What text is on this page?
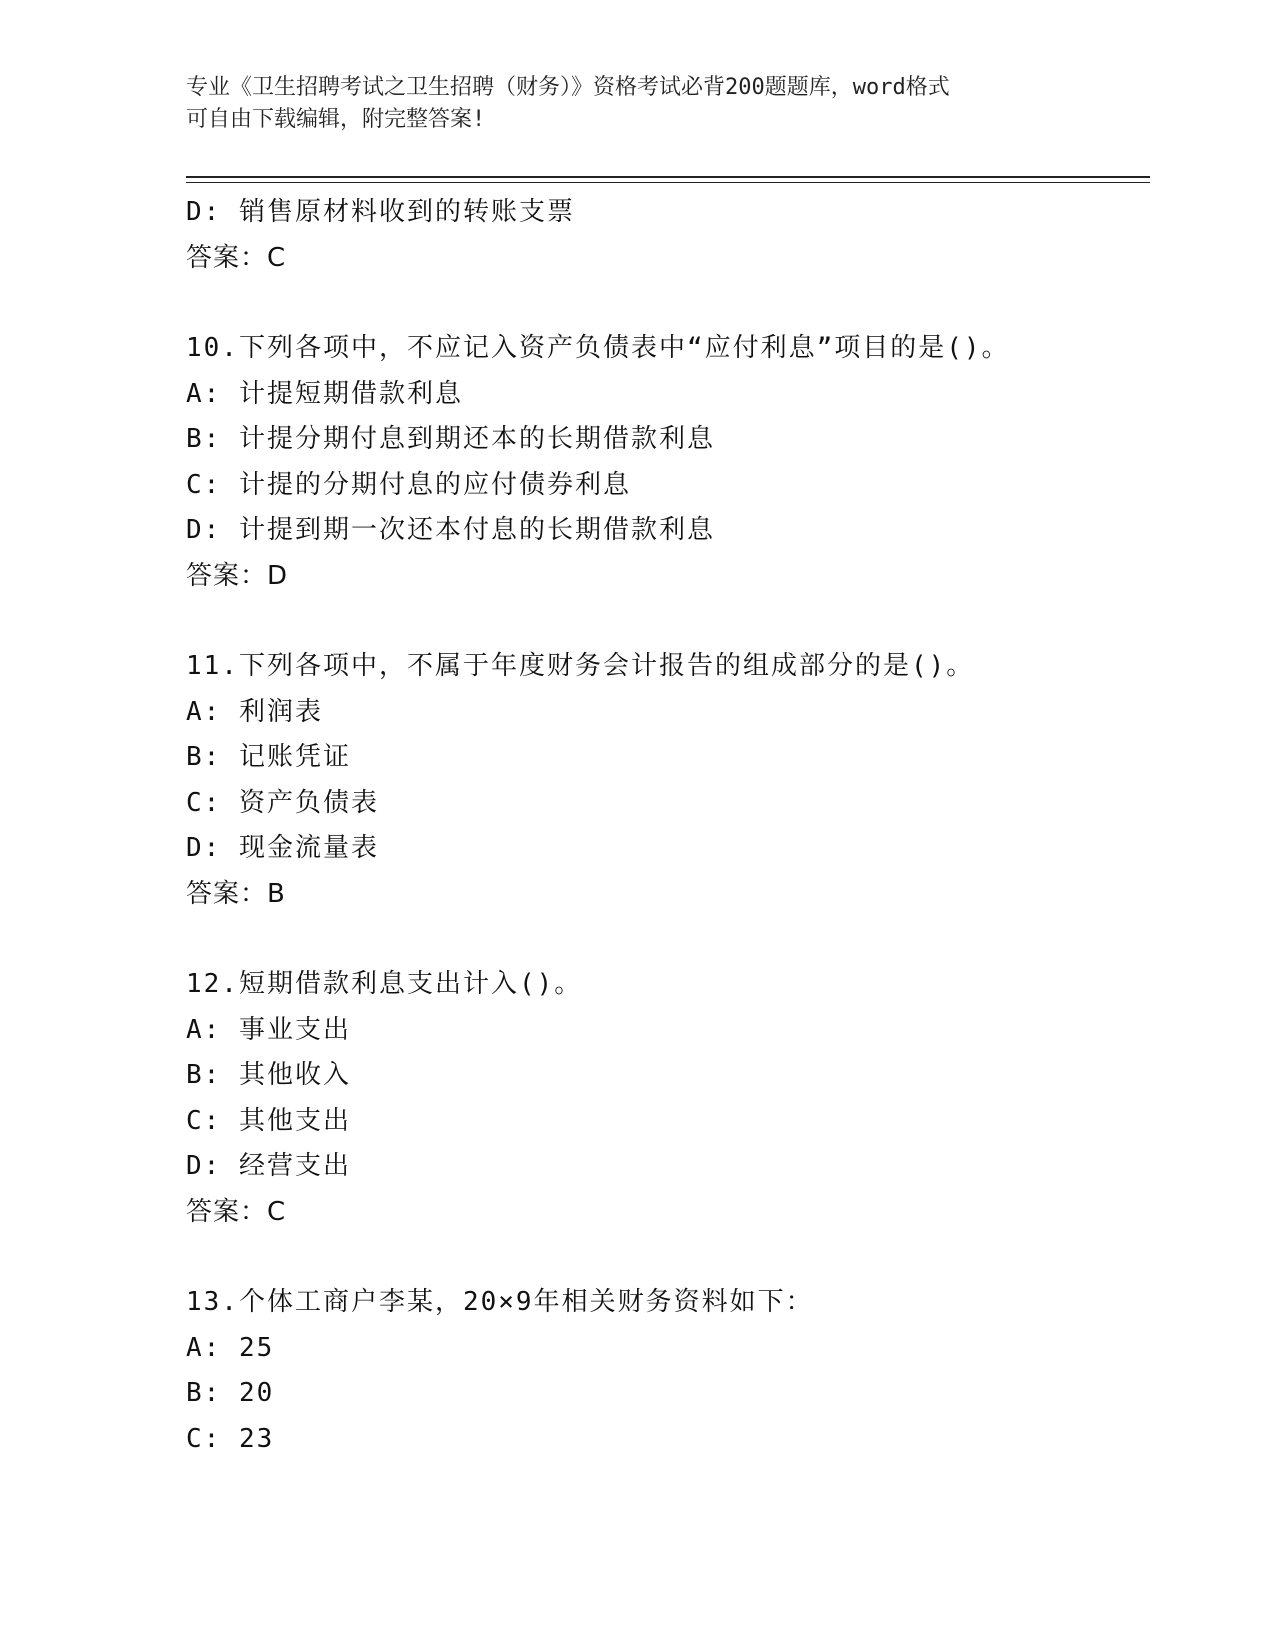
专业《卫生招聘考试之卫生招聘（财务）》资格考试必背200题题库，word格式
可自由下载编辑，附完整答案!
D: 销售原材料收到的转账支票
答案：C
10.下列各项中，不应记入资产负债表中“应付利息”项目的是()。
A: 计提短期借款利息
B: 计提分期付息到期还本的长期借款利息
C: 计提的分期付息的应付债券利息
D: 计提到期一次还本付息的长期借款利息
答案：D
11.下列各项中，不属于年度财务会计报告的组成部分的是()。
A: 利润表
B: 记账凭证
C: 资产负债表
D: 现金流量表
答案：B
12.短期借款利息支出计入()。
A: 事业支出
B: 其他收入
C: 其他支出
D: 经营支出
答案：C
13.个体工商户李某，20×9年相关财务资料如下：
A: 25
B: 20
C: 23
